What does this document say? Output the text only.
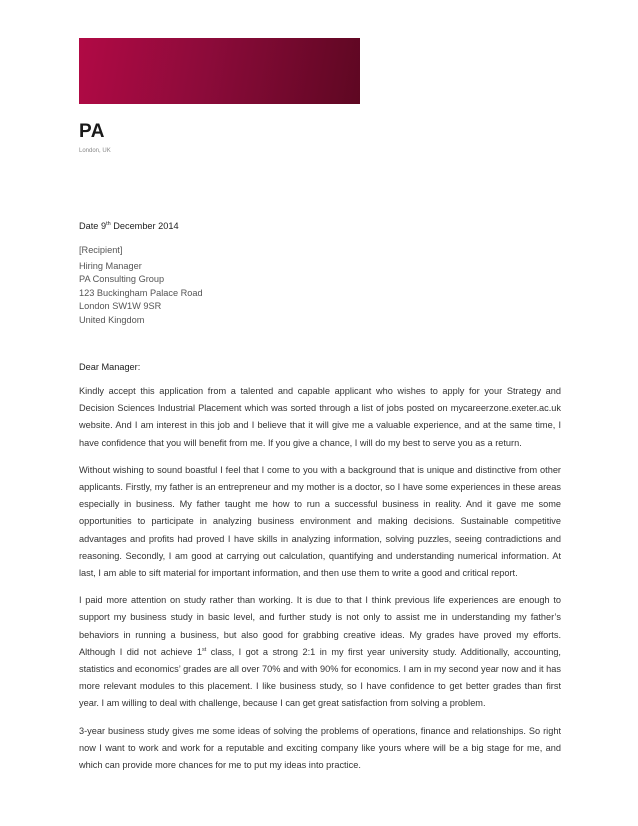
PA
London, UK
Date 9th December 2014
[Recipient]
Hiring Manager
PA Consulting Group
123 Buckingham Palace Road
London SW1W 9SR
United Kingdom
Dear Manager:

Kindly accept this application from a talented and capable applicant who wishes to apply for your Strategy and Decision Sciences Industrial Placement which was sorted through a list of jobs posted on mycareerzone.exeter.ac.uk website. And I am interest in this job and I believe that it will give me a valuable experience, and at the same time, I have confidence that you will benefit from me. If you give a chance, I will do my best to serve you as a return.

Without wishing to sound boastful I feel that I come to you with a background that is unique and distinctive from other applicants. Firstly, my father is an entrepreneur and my mother is a doctor, so I have some experiences in these areas especially in business. My father taught me how to run a successful business in reality. And it gave me some opportunities to participate in analyzing business environment and making decisions. Sustainable competitive advantages and profits had proved I have skills in analyzing information, solving puzzles, seeing contradictions and reasoning. Secondly, I am good at carrying out calculation, quantifying and understanding numerical information. At last, I am able to sift material for important information, and then use them to write a good and critical report.

I paid more attention on study rather than working. It is due to that I think previous life experiences are enough to support my business study in basic level, and further study is not only to assist me in understanding my father’s behaviors in running a business, but also good for grabbing creative ideas. My grades have proved my efforts. Although I did not achieve 1st class, I got a strong 2:1 in my first year university study. Additionally, accounting, statistics and economics’ grades are all over 70% and with 90% for economics. I am in my second year now and it has more relevant modules to this placement. I like business study, so I have confidence to get better grades than first year. I am willing to deal with challenge, because I can get great satisfaction from solving a problem.

3-year business study gives me some ideas of solving the problems of operations, finance and relationships. So right now I want to work and work for a reputable and exciting company like yours where will be a big stage for me, and which can provide more chances for me to put my ideas into practice.
